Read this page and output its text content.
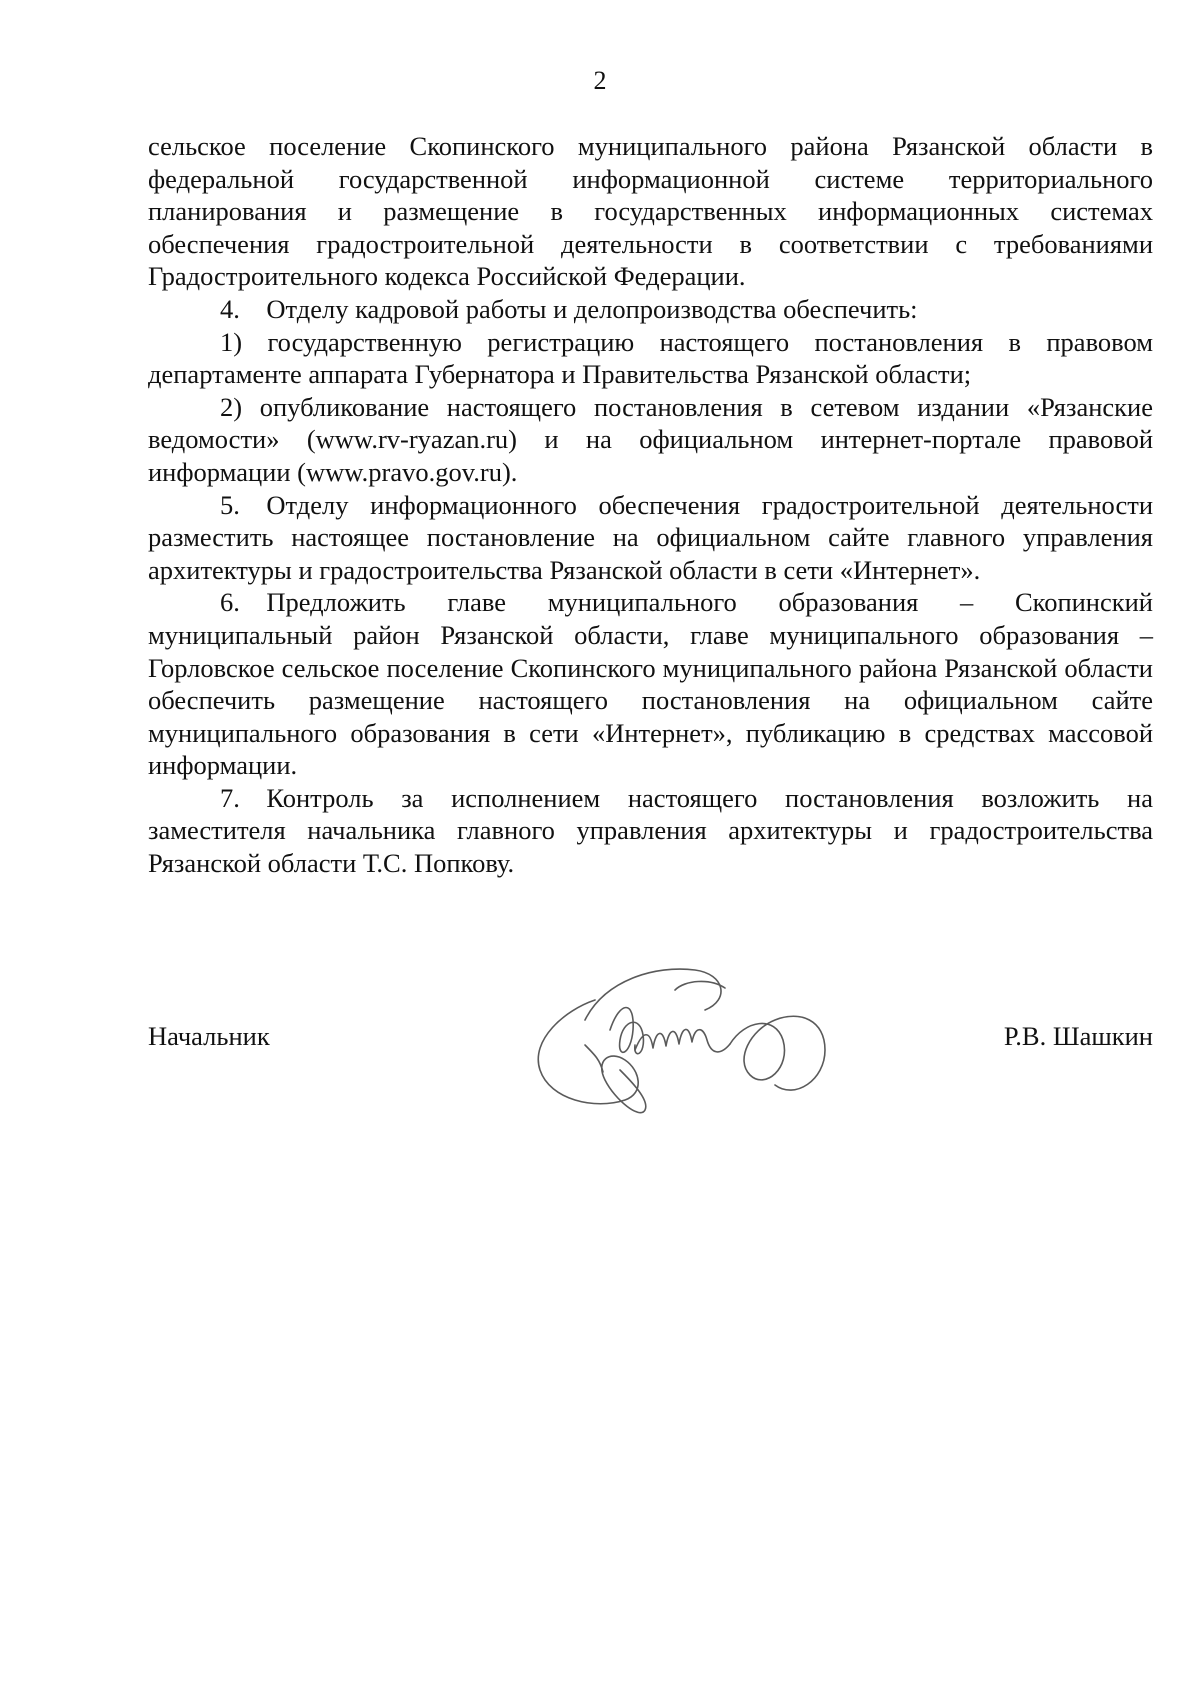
2

сельское поселение Скопинского муниципального района Рязанской области в федеральной государственной информационной системе территориального планирования и размещение в государственных информационных системах обеспечения градостроительной деятельности в соответствии с требованиями Градостроительного кодекса Российской Федерации.

4. Отделу кадровой работы и делопроизводства обеспечить:

1) государственную регистрацию настоящего постановления в правовом департаменте аппарата Губернатора и Правительства Рязанской области;

2) опубликование настоящего постановления в сетевом издании «Рязанские ведомости» (www.rv-ryazan.ru) и на официальном интернет-портале правовой информации (www.pravo.gov.ru).

5. Отделу информационного обеспечения градостроительной деятельности разместить настоящее постановление на официальном сайте главного управления архитектуры и градостроительства Рязанской области в сети «Интернет».

6. Предложить главе муниципального образования – Скопинский муниципальный район Рязанской области, главе муниципального образования – Горловское сельское поселение Скопинского муниципального района Рязанской области обеспечить размещение настоящего постановления на официальном сайте муниципального образования в сети «Интернет», публикацию в средствах массовой информации.

7. Контроль за исполнением настоящего постановления возложить на заместителя начальника главного управления архитектуры и градостроительства Рязанской области Т.С. Попкову.

Начальник	Р.В. Шашкин
